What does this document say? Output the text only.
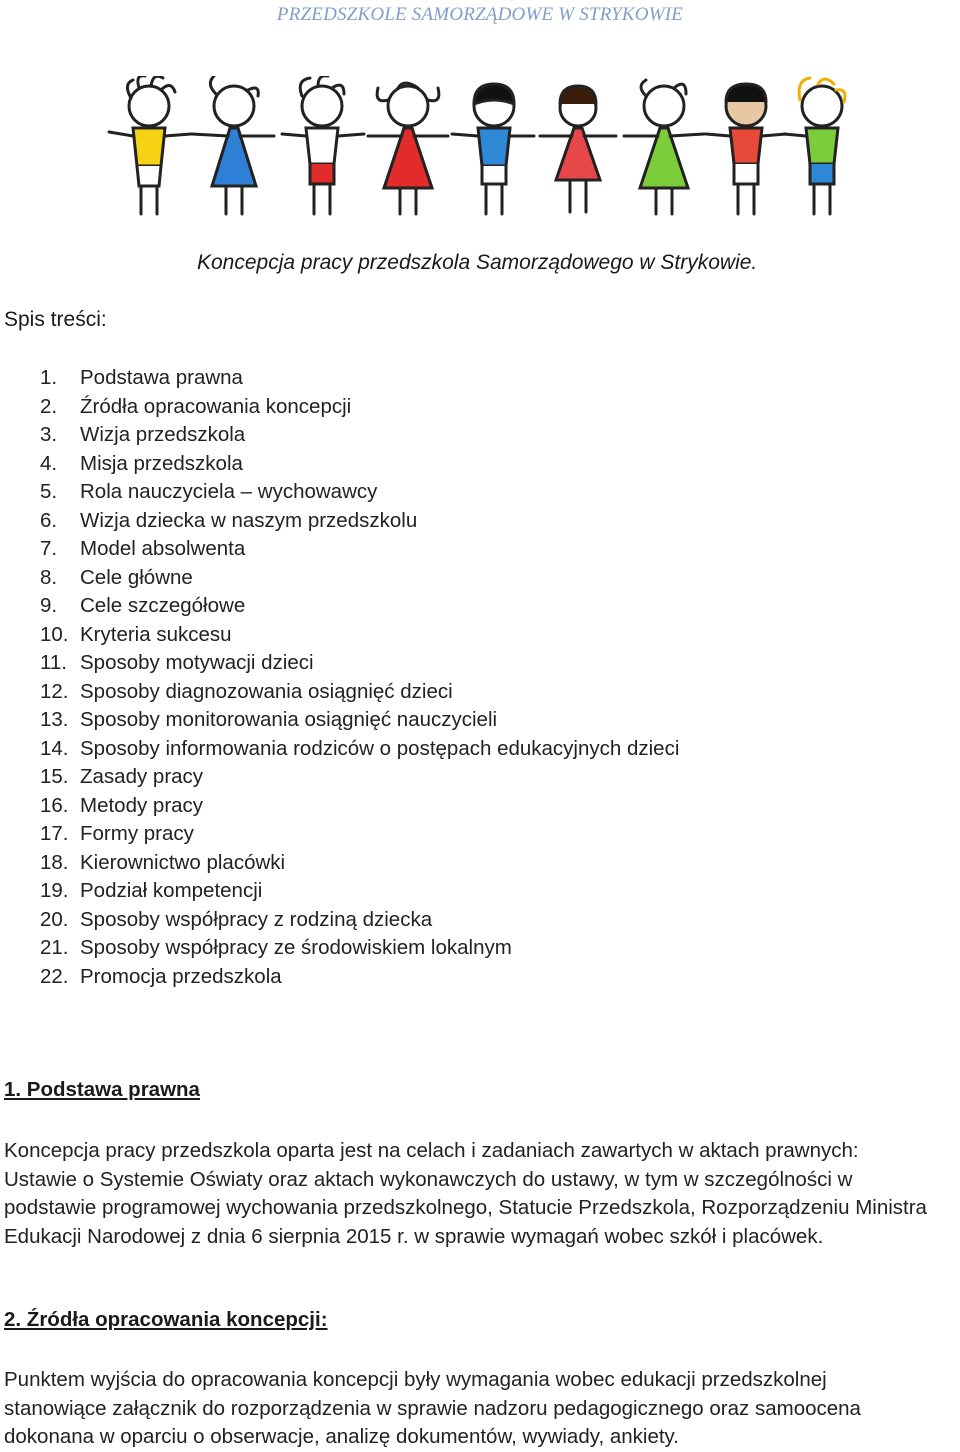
PRZEDSZKOLE SAMORZĄDOWE W STRYKOWIE
Koncepcja pracy przedszkola Samorządowego w Strykowie.
Spis treści:
1. Podstawa prawna
2. Źródła opracowania koncepcji
3. Wizja przedszkola
4. Misja przedszkola
5. Rola nauczyciela – wychowawcy
6. Wizja dziecka w naszym przedszkolu
7. Model absolwenta
8. Cele główne
9. Cele szczegółowe
10. Kryteria sukcesu
11. Sposoby motywacji dzieci
12. Sposoby diagnozowania osiągnięć dzieci
13. Sposoby monitorowania osiągnięć nauczycieli
14. Sposoby informowania rodziców o postępach edukacyjnych dzieci
15. Zasady pracy
16. Metody pracy
17. Formy pracy
18. Kierownictwo placówki
19. Podział kompetencji
20. Sposoby współpracy z rodziną dziecka
21. Sposoby współpracy ze środowiskiem lokalnym
22. Promocja przedszkola
1. Podstawa prawna
Koncepcja pracy przedszkola oparta jest na celach i zadaniach zawartych w aktach prawnych:
Ustawie o Systemie Oświaty oraz aktach wykonawczych do ustawy, w tym w szczególności w
podstawie programowej wychowania przedszkolnego, Statucie Przedszkola, Rozporządzeniu Ministra
Edukacji Narodowej z dnia 6 sierpnia 2015 r. w sprawie wymagań wobec szkół i placówek.
2. Źródła opracowania koncepcji:
Punktem wyjścia do opracowania koncepcji były wymagania wobec edukacji przedszkolnej
stanowiące załącznik do rozporządzenia w sprawie nadzoru pedagogicznego oraz samoocena
dokonana w oparciu o obserwacje, analizę dokumentów, wywiady, ankiety.
